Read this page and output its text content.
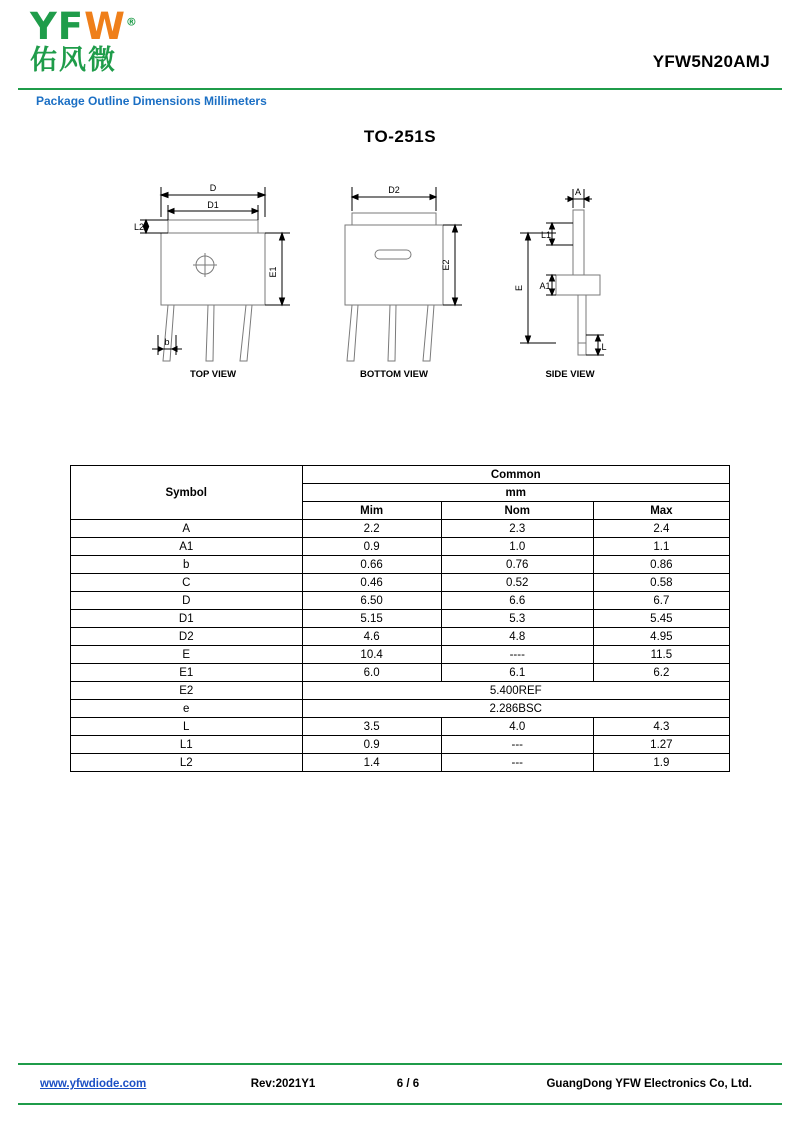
YFW®
佑风微	YFW5N20AMJ
Package Outline Dimensions Millimeters
TO-251S
D
D1
L2
E1
b
TOP VIEW
D2
E2
BOTTOM VIEW
A
L1
E A1
L
SIDE VIEW
Symbol	Common		
	mm		
	Mim	Nom	Max
A	2.2	2.3	2.4
A1	0.9	1.0	1.1
b	0.66	0.76	0.86
C	0.46	0.52	0.58
D	6.50	6.6	6.7
D1	5.15	5.3	5.45
D2	4.6	4.8	4.95
E	10.4	----	11.5
E1	6.0	6.1	6.2
E2	5.400REF		
e	2.286BSC		
L	3.5	4.0	4.3
L1	0.9	---	1.27
L2	1.4	---	1.9
www.yfwdiode.com	Rev:2021Y1	6 / 6	GuangDong YFW Electronics Co, Ltd.
